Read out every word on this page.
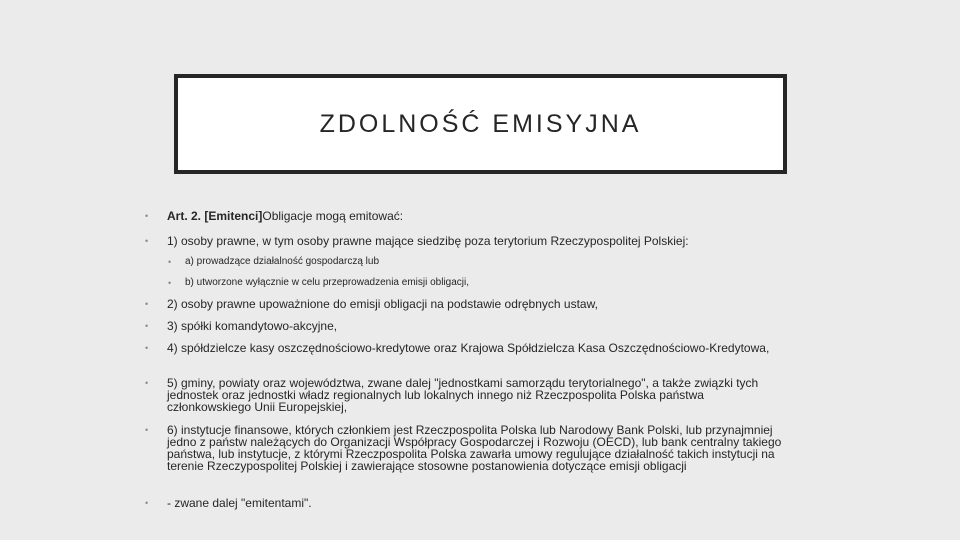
ZDOLNOŚĆ EMISYJNA
• Art. 2. [Emitenci]Obligacje mogą emitować:
• 1) osoby prawne, w tym osoby prawne mające siedzibę poza terytorium Rzeczypospolitej Polskiej:
• a) prowadzące działalność gospodarczą lub
• b) utworzone wyłącznie w celu przeprowadzenia emisji obligacji,
• 2) osoby prawne upoważnione do emisji obligacji na podstawie odrębnych ustaw,
• 3) spółki komandytowo-akcyjne,
• 4) spółdzielcze kasy oszczędnościowo-kredytowe oraz Krajowa Spółdzielcza Kasa Oszczędnościowo-Kredytowa,
• 5) gminy, powiaty oraz województwa, zwane dalej "jednostkami samorządu terytorialnego", a także związki tych jednostek oraz jednostki władz regionalnych lub lokalnych innego niż Rzeczpospolita Polska państwa członkowskiego Unii Europejskiej,
• 6) instytucje finansowe, których członkiem jest Rzeczpospolita Polska lub Narodowy Bank Polski, lub przynajmniej jedno z państw należących do Organizacji Współpracy Gospodarczej i Rozwoju (OECD), lub bank centralny takiego państwa, lub instytucje, z którymi Rzeczpospolita Polska zawarła umowy regulujące działalność takich instytucji na terenie Rzeczypospolitej Polskiej i zawierające stosowne postanowienia dotyczące emisji obligacji
• - zwane dalej "emitentami".
